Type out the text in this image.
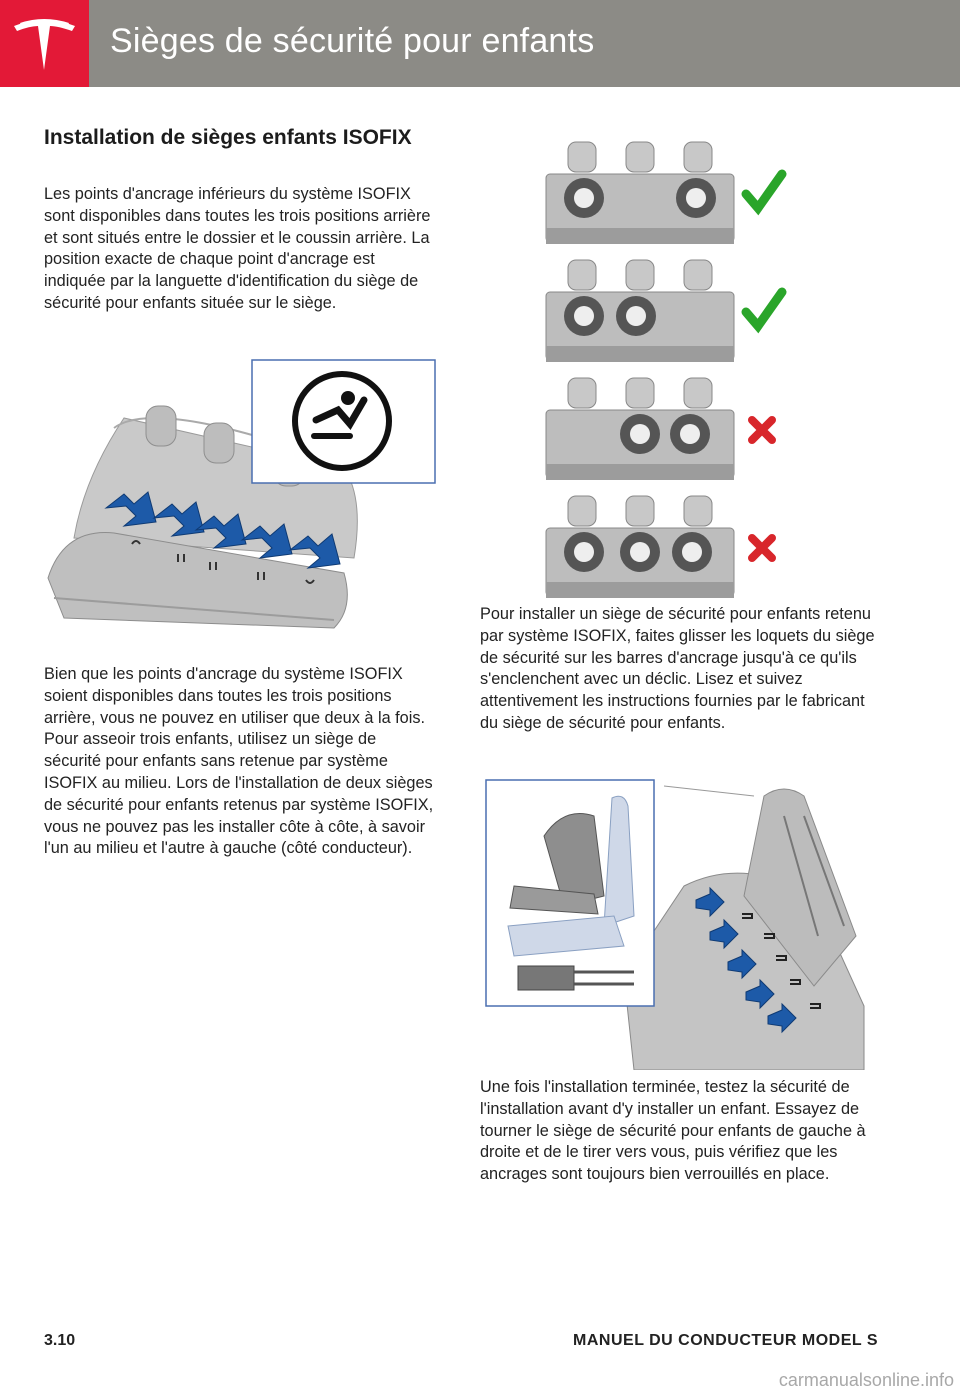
Sièges de sécurité pour enfants
Installation de sièges enfants ISOFIX
Les points d'ancrage inférieurs du système ISOFIX sont disponibles dans toutes les trois positions arrière et sont situés entre le dossier et le coussin arrière. La position exacte de chaque point d'ancrage est indiquée par la languette d'identification du siège de sécurité pour enfants située sur le siège.
Bien que les points d'ancrage du système ISOFIX soient disponibles dans toutes les trois positions arrière, vous ne pouvez en utiliser que deux à la fois. Pour asseoir trois enfants, utilisez un siège de sécurité pour enfants sans retenue par système ISOFIX au milieu. Lors de l'installation de deux sièges de sécurité pour enfants retenus par système ISOFIX, vous ne pouvez pas les installer côte à côte, à savoir l'un au milieu et l'autre à gauche (côté conducteur).
Pour installer un siège de sécurité pour enfants retenu par système ISOFIX, faites glisser les loquets du siège de sécurité sur les barres d'ancrage jusqu'à ce qu'ils s'enclenchent avec un déclic. Lisez et suivez attentivement les instructions fournies par le fabricant du siège de sécurité pour enfants.
Une fois l'installation terminée, testez la sécurité de l'installation avant d'y installer un enfant. Essayez de tourner le siège de sécurité pour enfants de gauche à droite et de le tirer vers vous, puis vérifiez que les ancrages sont toujours bien verrouillés en place.
3.10	MANUEL DU CONDUCTEUR MODEL S
carmanualsonline.info
